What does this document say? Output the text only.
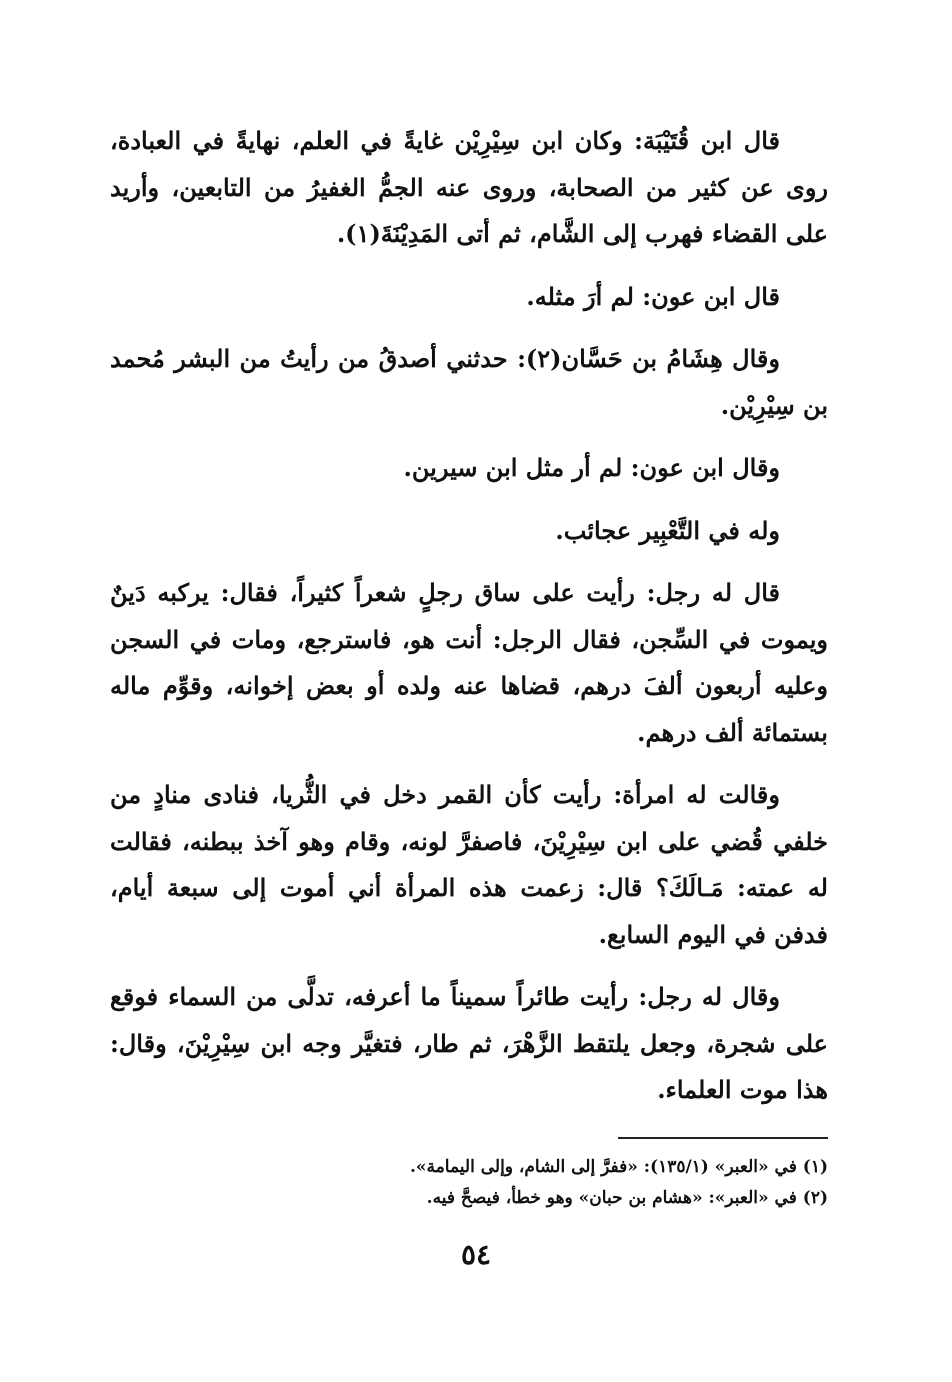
قال ابن قُتَيْبَة: وكان ابن سِيْرِيْن غايةً في العلم، نهايةً في العبادة، روى عن كثير من الصحابة، وروى عنه الجمُّ الغفيرُ من التابعين، وأريد على القضاء فهرب إلى الشَّام، ثم أتى المَدِيْنَةَ(١).

قال ابن عون: لم أرَ مثله.

وقال هِشَامُ بن حَسَّان(٢): حدثني أصدقُ من رأيتُ من البشر مُحمد بن سِيْرِيْن.

وقال ابن عون: لم أر مثل ابن سيرين.

وله في التَّعْبِير عجائب.

قال له رجل: رأيت على ساق رجلٍ شعراً كثيراً، فقال: يركبه دَينٌ ويموت في السِّجن، فقال الرجل: أنت هو، فاسترجع، ومات في السجن وعليه أربعون ألفَ درهم، قضاها عنه ولده أو بعض إخوانه، وقوِّم ماله بستمائة ألف درهم.

وقالت له امرأة: رأيت كأن القمر دخل في الثُّريا، فنادى منادٍ من خلفي قُضي على ابن سِيْرِيْنَ، فاصفرَّ لونه، وقام وهو آخذ ببطنه، فقالت له عمته: مَـالَكَ؟ قال: زعمت هذه المرأة أني أموت إلى سبعة أيام، فدفن في اليوم السابع.

وقال له رجل: رأيت طائراً سميناً ما أعرفه، تدلَّى من السماء فوقع على شجرة، وجعل يلتقط الزَّهْرَ، ثم طار، فتغيَّر وجه ابن سِيْرِيْنَ، وقال: هذا موت العلماء.

(١) في «العبر» (١٣٥/١): «ففرَّ إلى الشام، وإلى اليمامة».

(٢) في «العبر»: «هشام بن حبان» وهو خطأ، فيصحَّ فيه.

٥٤
